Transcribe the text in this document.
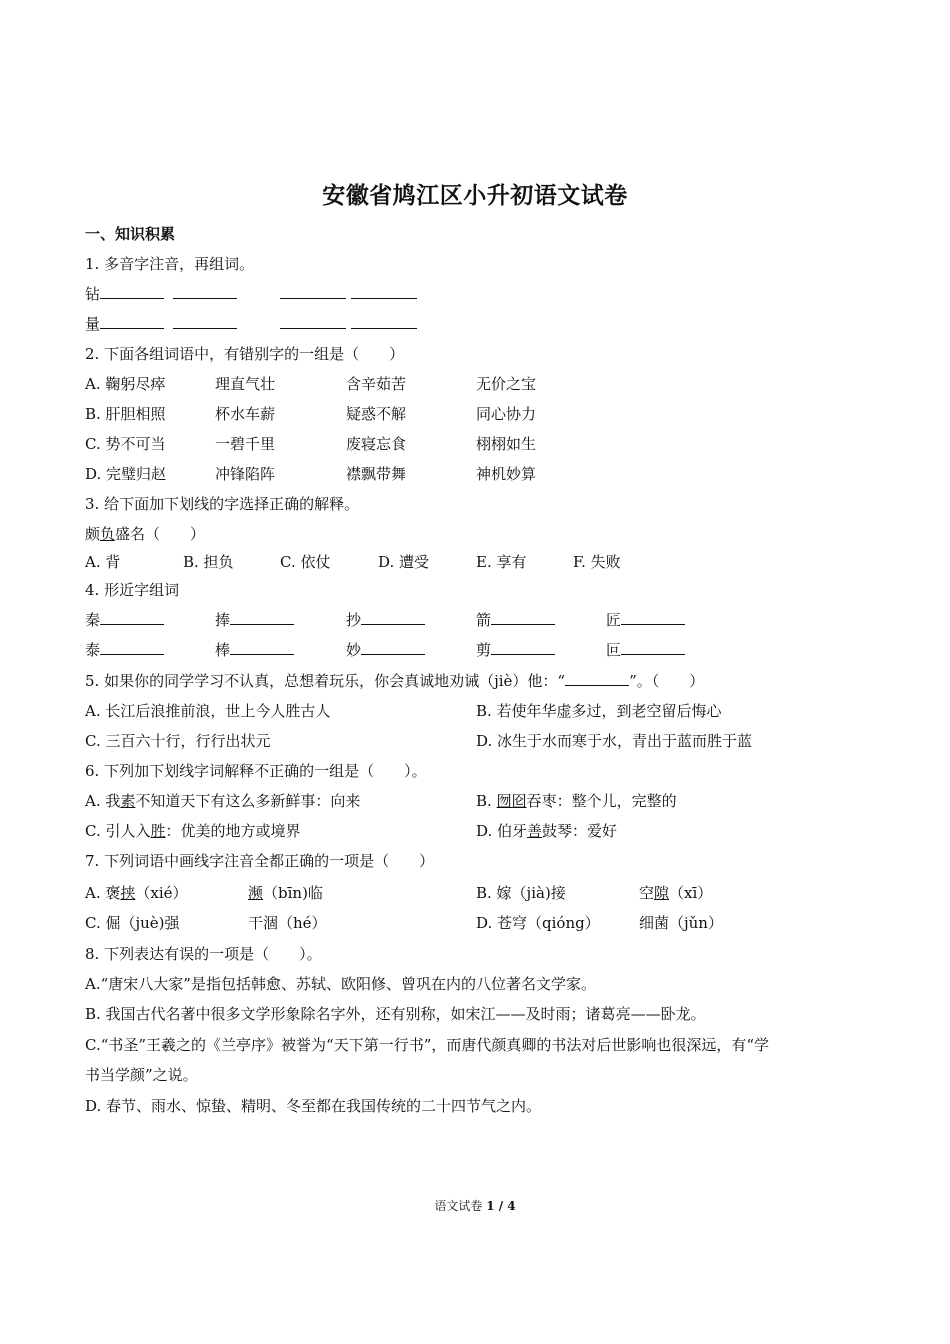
安徽省鸠江区小升初语文试卷
一、知识积累
1. 多音字注音，再组词。
钻

量

2. 下面各组词语中，有错别字的一组是（　　）
A. 鞠躬尽瘁	理直气壮	含辛茹苦	无价之宝
B. 肝胆相照	杯水车薪	疑惑不解	同心协力
C. 势不可当	一碧千里	废寝忘食	栩栩如生
D. 完璧归赵	冲锋陷阵	襟飘带舞	神机妙算
3. 给下面加下划线的字选择正确的解释。
颇负盛名（　　）
A. 背	B. 担负	C. 依仗	D. 遭受	E. 享有	F. 失败
4. 形近字组词
秦	捧	抄	箭	匠
泰	棒	妙	剪	叵
5. 如果你的同学学习不认真，总想着玩乐，你会真诚地劝诫（jiè）他：“	”。（　　）
A. 长江后浪推前浪，世上今人胜古人	B. 若使年华虚多过，到老空留后悔心
C. 三百六十行，行行出状元	D. 冰生于水而寒于水，青出于蓝而胜于蓝
6. 下列加下划线字词解释不正确的一组是（　　）。
A. 我素不知道天下有这么多新鲜事：向来	B. 囫囵吞枣：整个儿，完整的
C. 引人入胜：优美的地方或境界	D. 伯牙善鼓琴：爱好
7. 下列词语中画线字注音全都正确的一项是（　　）
A. 褒挟（xié）	濒（bīn)临	B. 嫁（jià)接	空隙（xī）
C. 倔（juè)强	干涸（hé）	D. 苍穹（qióng）	细菌（jǔn）
8. 下列表达有误的一项是（　　）。
A.“唐宋八大家”是指包括韩愈、苏轼、欧阳修、曾巩在内的八位著名文学家。
B. 我国古代名著中很多文学形象除名字外，还有别称，如宋江——及时雨；诸葛亮——卧龙。
C.“书圣”王羲之的《兰亭序》被誉为“天下第一行书”，而唐代颜真卿的书法对后世影响也很深远，有“学
书当学颜”之说。
D. 春节、雨水、惊蛰、精明、冬至都在我国传统的二十四节气之内。
语文试卷 1 / 4
